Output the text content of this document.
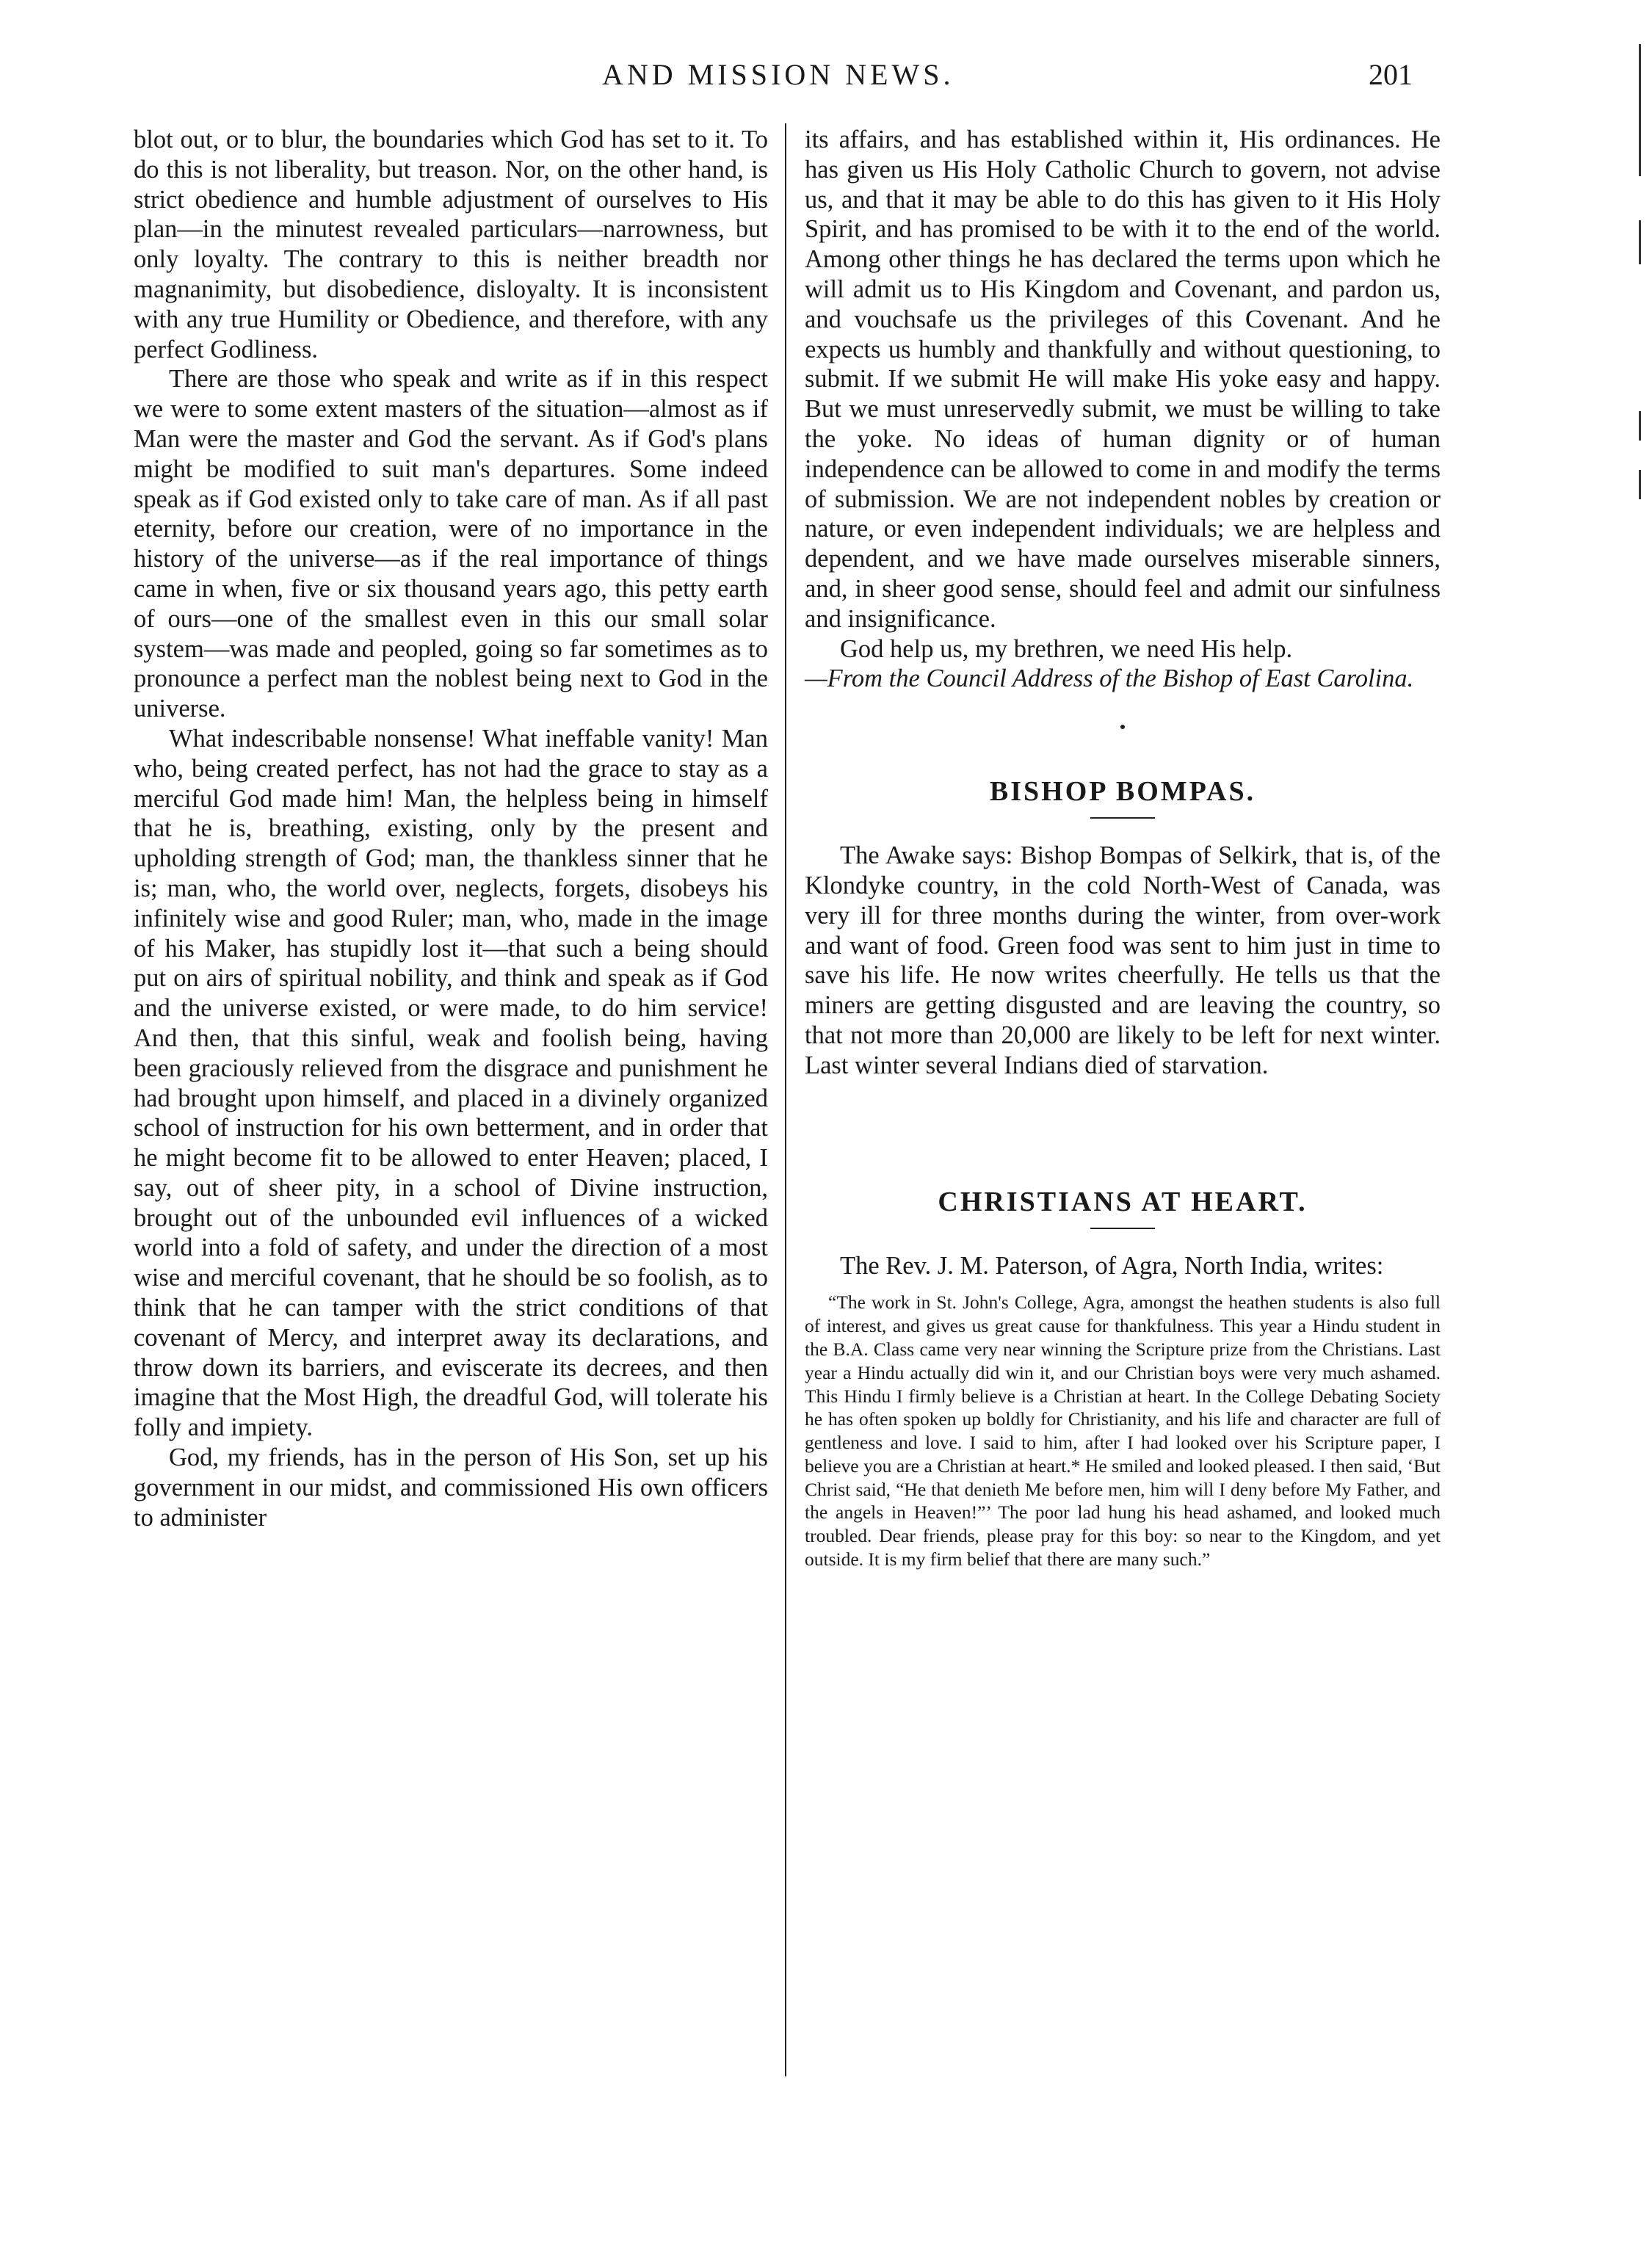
AND MISSION NEWS.	201

blot out, or to blur, the boundaries which God has set to it. To do this is not liberality, but treason. Nor, on the other hand, is strict obedience and humble adjustment of ourselves to His plan—in the minutest revealed particulars—narrowness, but only loyalty. The contrary to this is neither breadth nor magnanimity, but disobedience, disloyalty. It is inconsistent with any true Humility or Obedience, and therefore, with any perfect Godliness.

There are those who speak and write as if in this respect we were to some extent masters of the situation—almost as if Man were the master and God the servant. As if God's plans might be modified to suit man's departures. Some indeed speak as if God existed only to take care of man. As if all past eternity, before our creation, were of no importance in the history of the universe—as if the real importance of things came in when, five or six thousand years ago, this petty earth of ours—one of the smallest even in this our small solar system—was made and peopled, going so far sometimes as to pronounce a perfect man the noblest being next to God in the universe.

What indescribable nonsense! What ineffable vanity! Man who, being created perfect, has not had the grace to stay as a merciful God made him! Man, the helpless being in himself that he is, breathing, existing, only by the present and upholding strength of God; man, the thankless sinner that he is; man, who, the world over, neglects, forgets, disobeys his infinitely wise and good Ruler; man, who, made in the image of his Maker, has stupidly lost it—that such a being should put on airs of spiritual nobility, and think and speak as if God and the universe existed, or were made, to do him service! And then, that this sinful, weak and foolish being, having been graciously relieved from the disgrace and punishment he had brought upon himself, and placed in a divinely organized school of instruction for his own betterment, and in order that he might become fit to be allowed to enter Heaven; placed, I say, out of sheer pity, in a school of Divine instruction, brought out of the unbounded evil influences of a wicked world into a fold of safety, and under the direction of a most wise and merciful covenant, that he should be so foolish, as to think that he can tamper with the strict conditions of that covenant of Mercy, and interpret away its declarations, and throw down its barriers, and eviscerate its decrees, and then imagine that the Most High, the dreadful God, will tolerate his folly and impiety.

God, my friends, has in the person of His Son, set up his government in our midst, and commissioned His own officers to administer

its affairs, and has established within it, His ordinances. He has given us His Holy Catholic Church to govern, not advise us, and that it may be able to do this has given to it His Holy Spirit, and has promised to be with it to the end of the world. Among other things he has declared the terms upon which he will admit us to His Kingdom and Covenant, and pardon us, and vouchsafe us the privileges of this Covenant. And he expects us humbly and thankfully and without questioning, to submit. If we submit He will make His yoke easy and happy. But we must unreservedly submit, we must be willing to take the yoke. No ideas of human dignity or of human independence can be allowed to come in and modify the terms of submission. We are not independent nobles by creation or nature, or even independent individuals; we are helpless and dependent, and we have made ourselves miserable sinners, and, in sheer good sense, should feel and admit our sinfulness and insignificance.

God help us, my brethren, we need His help.

—From the Council Address of the Bishop of East Carolina.

BISHOP BOMPAS.

The Awake says: Bishop Bompas of Selkirk, that is, of the Klondyke country, in the cold North-West of Canada, was very ill for three months during the winter, from over-work and want of food. Green food was sent to him just in time to save his life. He now writes cheerfully. He tells us that the miners are getting disgusted and are leaving the country, so that not more than 20,000 are likely to be left for next winter. Last winter several Indians died of starvation.

CHRISTIANS AT HEART.

The Rev. J. M. Paterson, of Agra, North India, writes:

“The work in St. John's College, Agra, amongst the heathen students is also full of interest, and gives us great cause for thankfulness. This year a Hindu student in the B.A. Class came very near winning the Scripture prize from the Christians. Last year a Hindu actually did win it, and our Christian boys were very much ashamed. This Hindu I firmly believe is a Christian at heart. In the College Debating Society he has often spoken up boldly for Christianity, and his life and character are full of gentleness and love. I said to him, after I had looked over his Scripture paper, I believe you are a Christian at heart.* He smiled and looked pleased. I then said, ‘But Christ said, “He that denieth Me before men, him will I deny before My Father, and the angels in Heaven!”’ The poor lad hung his head ashamed, and looked much troubled. Dear friends, please pray for this boy: so near to the Kingdom, and yet outside. It is my firm belief that there are many such.”
